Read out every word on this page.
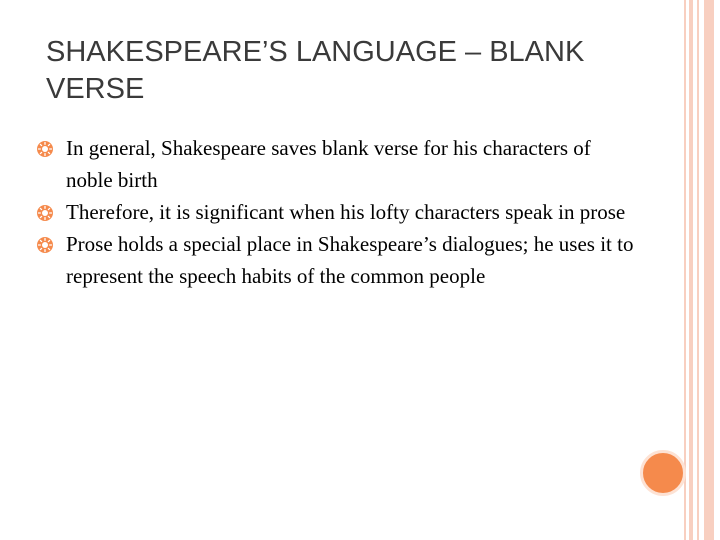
SHAKESPEARE’S LANGUAGE – BLANK VERSE
In general, Shakespeare saves blank verse for his characters of noble birth
Therefore, it is significant when his lofty characters speak in prose
Prose holds a special place in Shakespeare’s dialogues; he uses it to represent the speech habits of the common people
